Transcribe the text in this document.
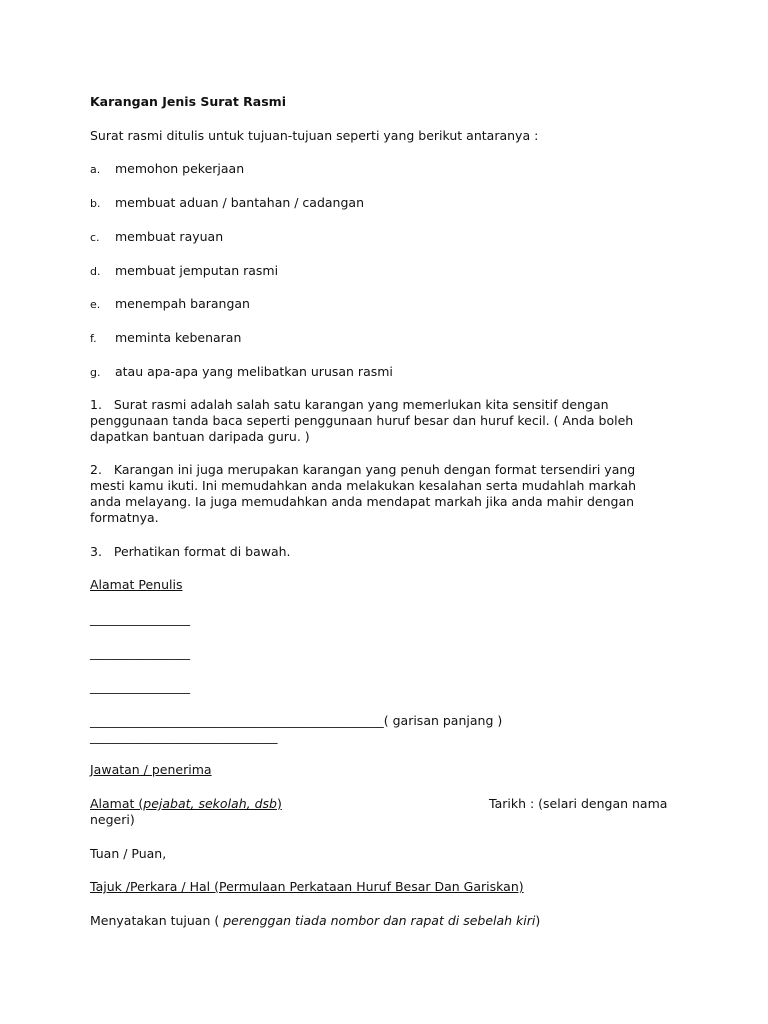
Karangan Jenis Surat Rasmi
Surat rasmi ditulis untuk tujuan-tujuan seperti yang berikut antaranya :
a. memohon pekerjaan
b. membuat aduan / bantahan / cadangan
c. membuat rayuan
d. membuat jemputan rasmi
e. menempah barangan
f. meminta kebenaran
g. atau apa-apa yang melibatkan urusan rasmi
1.   Surat rasmi adalah salah satu karangan yang memerlukan kita sensitif dengan
penggunaan tanda baca seperti penggunaan huruf besar dan huruf kecil. ( Anda boleh
dapatkan bantuan daripada guru. )
2.   Karangan ini juga merupakan karangan yang penuh dengan format tersendiri yang
mesti kamu ikuti. Ini memudahkan anda melakukan kesalahan serta mudahlah markah
anda melayang. Ia juga memudahkan anda mendapat markah jika anda mahir dengan
formatnya.
3.   Perhatikan format di bawah.
Alamat Penulis
________________
________________
________________
_______________________________________________( garisan panjang )
______________________________
Jawatan / penerima
Alamat (pejabat, sekolah, dsb)	Tarikh : (selari dengan nama
negeri)
Tuan / Puan,
Tajuk /Perkara / Hal (Permulaan Perkataan Huruf Besar Dan Gariskan)
Menyatakan tujuan ( perenggan tiada nombor dan rapat di sebelah kiri)
